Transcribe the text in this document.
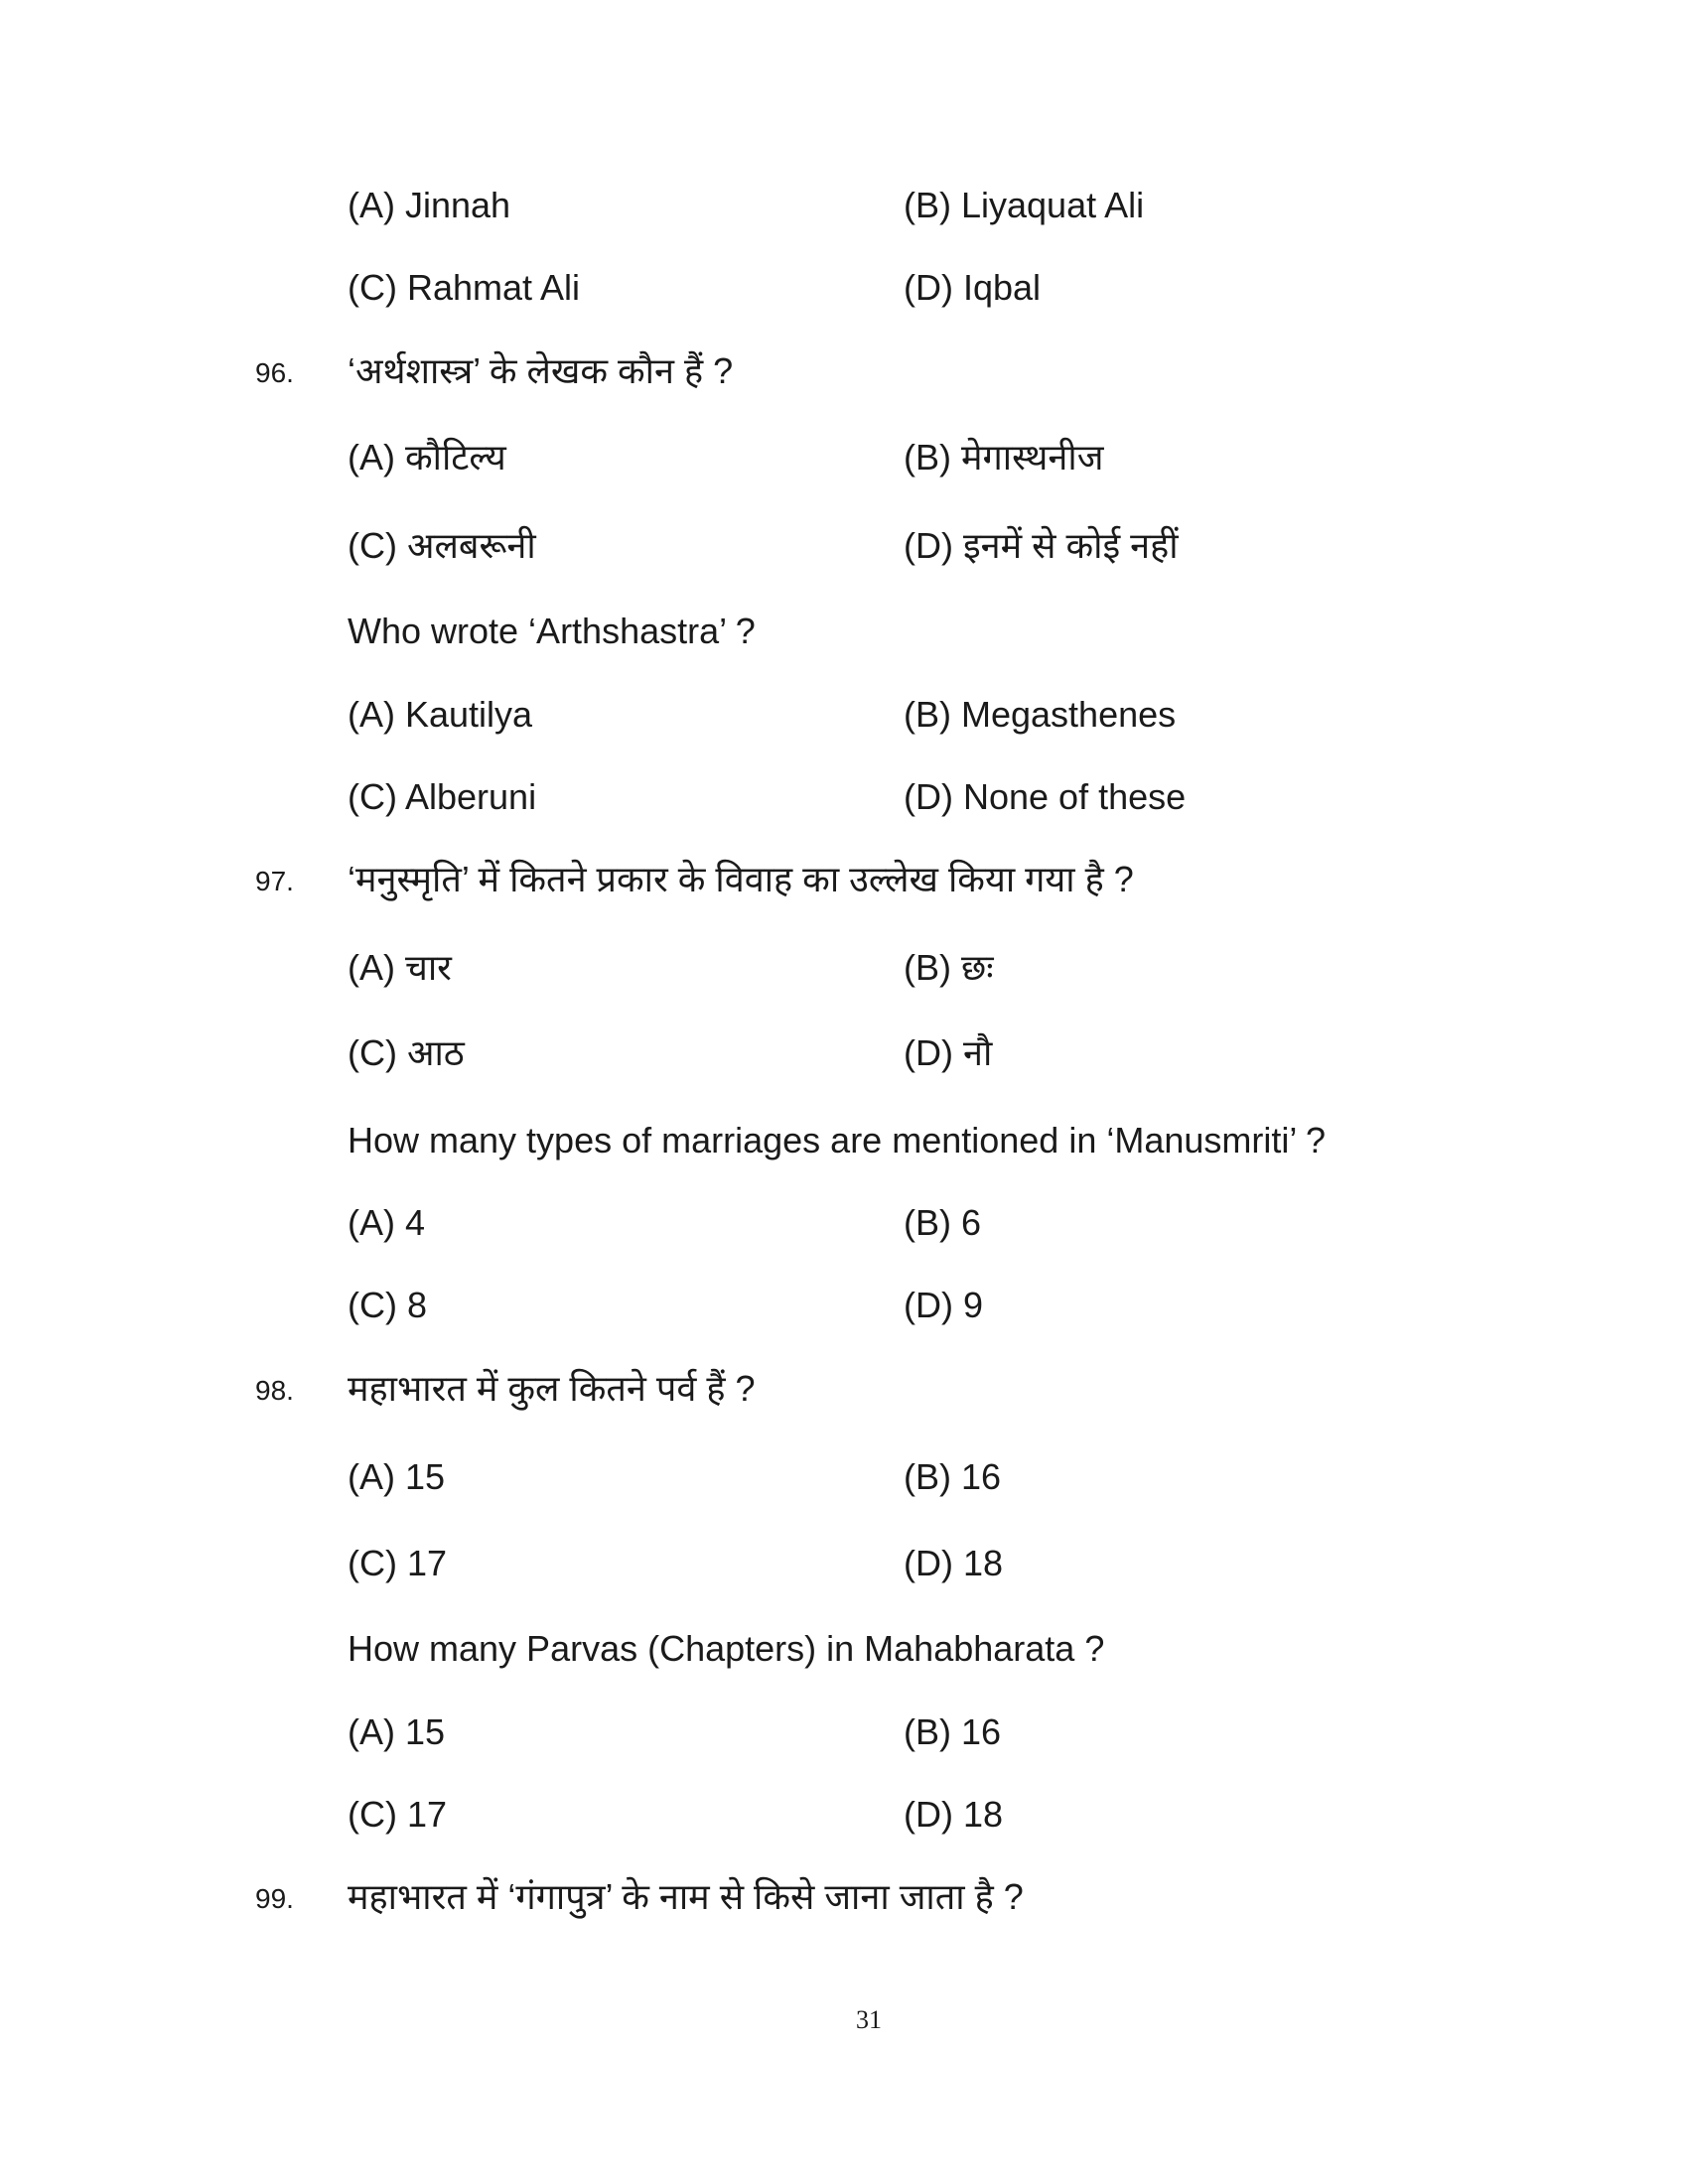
(A) Jinnah	(B) Liyaquat Ali
(C) Rahmat Ali	(D) Iqbal
96. ‘अर्थशास्त्र’ के लेखक कौन हैं ?
(A) कौटिल्य	(B) मेगास्थनीज
(C) अलबरूनी	(D) इनमें से कोई नहीं
Who wrote ‘Arthshastra’ ?
(A) Kautilya	(B) Megasthenes
(C) Alberuni	(D) None of these
97. ‘मनुस्मृति’ में कितने प्रकार के विवाह का उल्लेख किया गया है ?
(A) चार	(B) छः
(C) आठ	(D) नौ
How many types of marriages are mentioned in ‘Manusmriti’ ?
(A) 4	(B) 6
(C) 8	(D) 9
98. महाभारत में कुल कितने पर्व हैं ?
(A) 15	(B) 16
(C) 17	(D) 18
How many Parvas (Chapters) in Mahabharata ?
(A) 15	(B) 16
(C) 17	(D) 18
99. महाभारत में ‘गंगापुत्र’ के नाम से किसे जाना जाता है ?
31
